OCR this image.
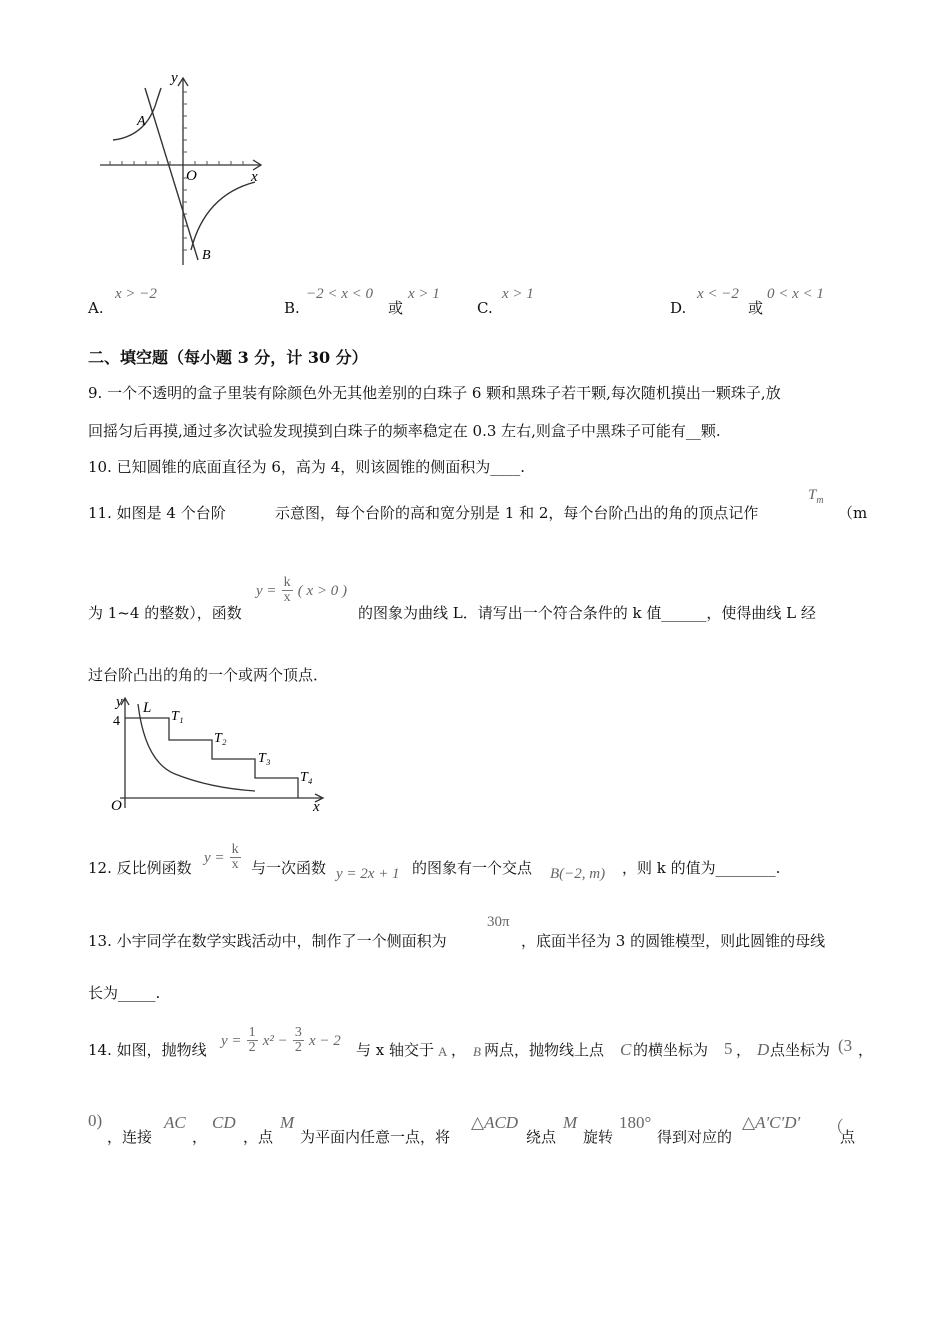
y
x
O
A
B
A.
x > −2
B.
−2 < x < 0
或
x > 1
C.
x > 1
D.
x < −2
或
0 < x < 1
二、填空题（每小题 3 分，计 30 分）
9. 一个不透明的盒子里装有除颜色外无其他差别的白珠子 6 颗和黑珠子若干颗,每次随机摸出一颗珠子,放
回摇匀后再摸,通过多次试验发现摸到白珠子的频率稳定在 0.3 左右,则盒子中黑珠子可能有__颗.
10. 已知圆锥的底面直径为 6，高为 4，则该圆锥的侧面积为____.
11. 如图是 4 个台阶	示意图，每个台阶的高和宽分别是 1 和 2，每个台阶凸出的角的顶点记作
$T_m$
（m
为 1~4 的整数），函数
$y = \frac{k}{x}$ ( x > 0 )
的图象为曲线 L．请写出一个符合条件的 k 值______，使得曲线 L 经
过台阶凸出的角的一个或两个顶点．
y
4
L
T₁
T₂
T₃
T₄
O	x
12. 反比例函数
$y = \frac{k}{x}$ 与一次函数 y = 2x + 1 的图象有一个交点 B(−2, m) ，则 k 的值为________.
13. 小宇同学在数学实践活动中，制作了一个侧面积为
30π
，底面半径为 3 的圆锥模型，则此圆锥的母线
长为_____.
14. 如图，抛物线 $y = \frac{1}{2} x^2 - \frac{3}{2}$ x − 2 与 x 轴交于 A ， B 两点，抛物线上点 C 的横坐标为 5 ， D 点坐标为 (3 ，
0)
，连接
AC
，
CD
，点
M
为平面内任意一点，将
△ACD
绕点
M
旋转
180°
得到对应的
△A′C′D′ （
点
